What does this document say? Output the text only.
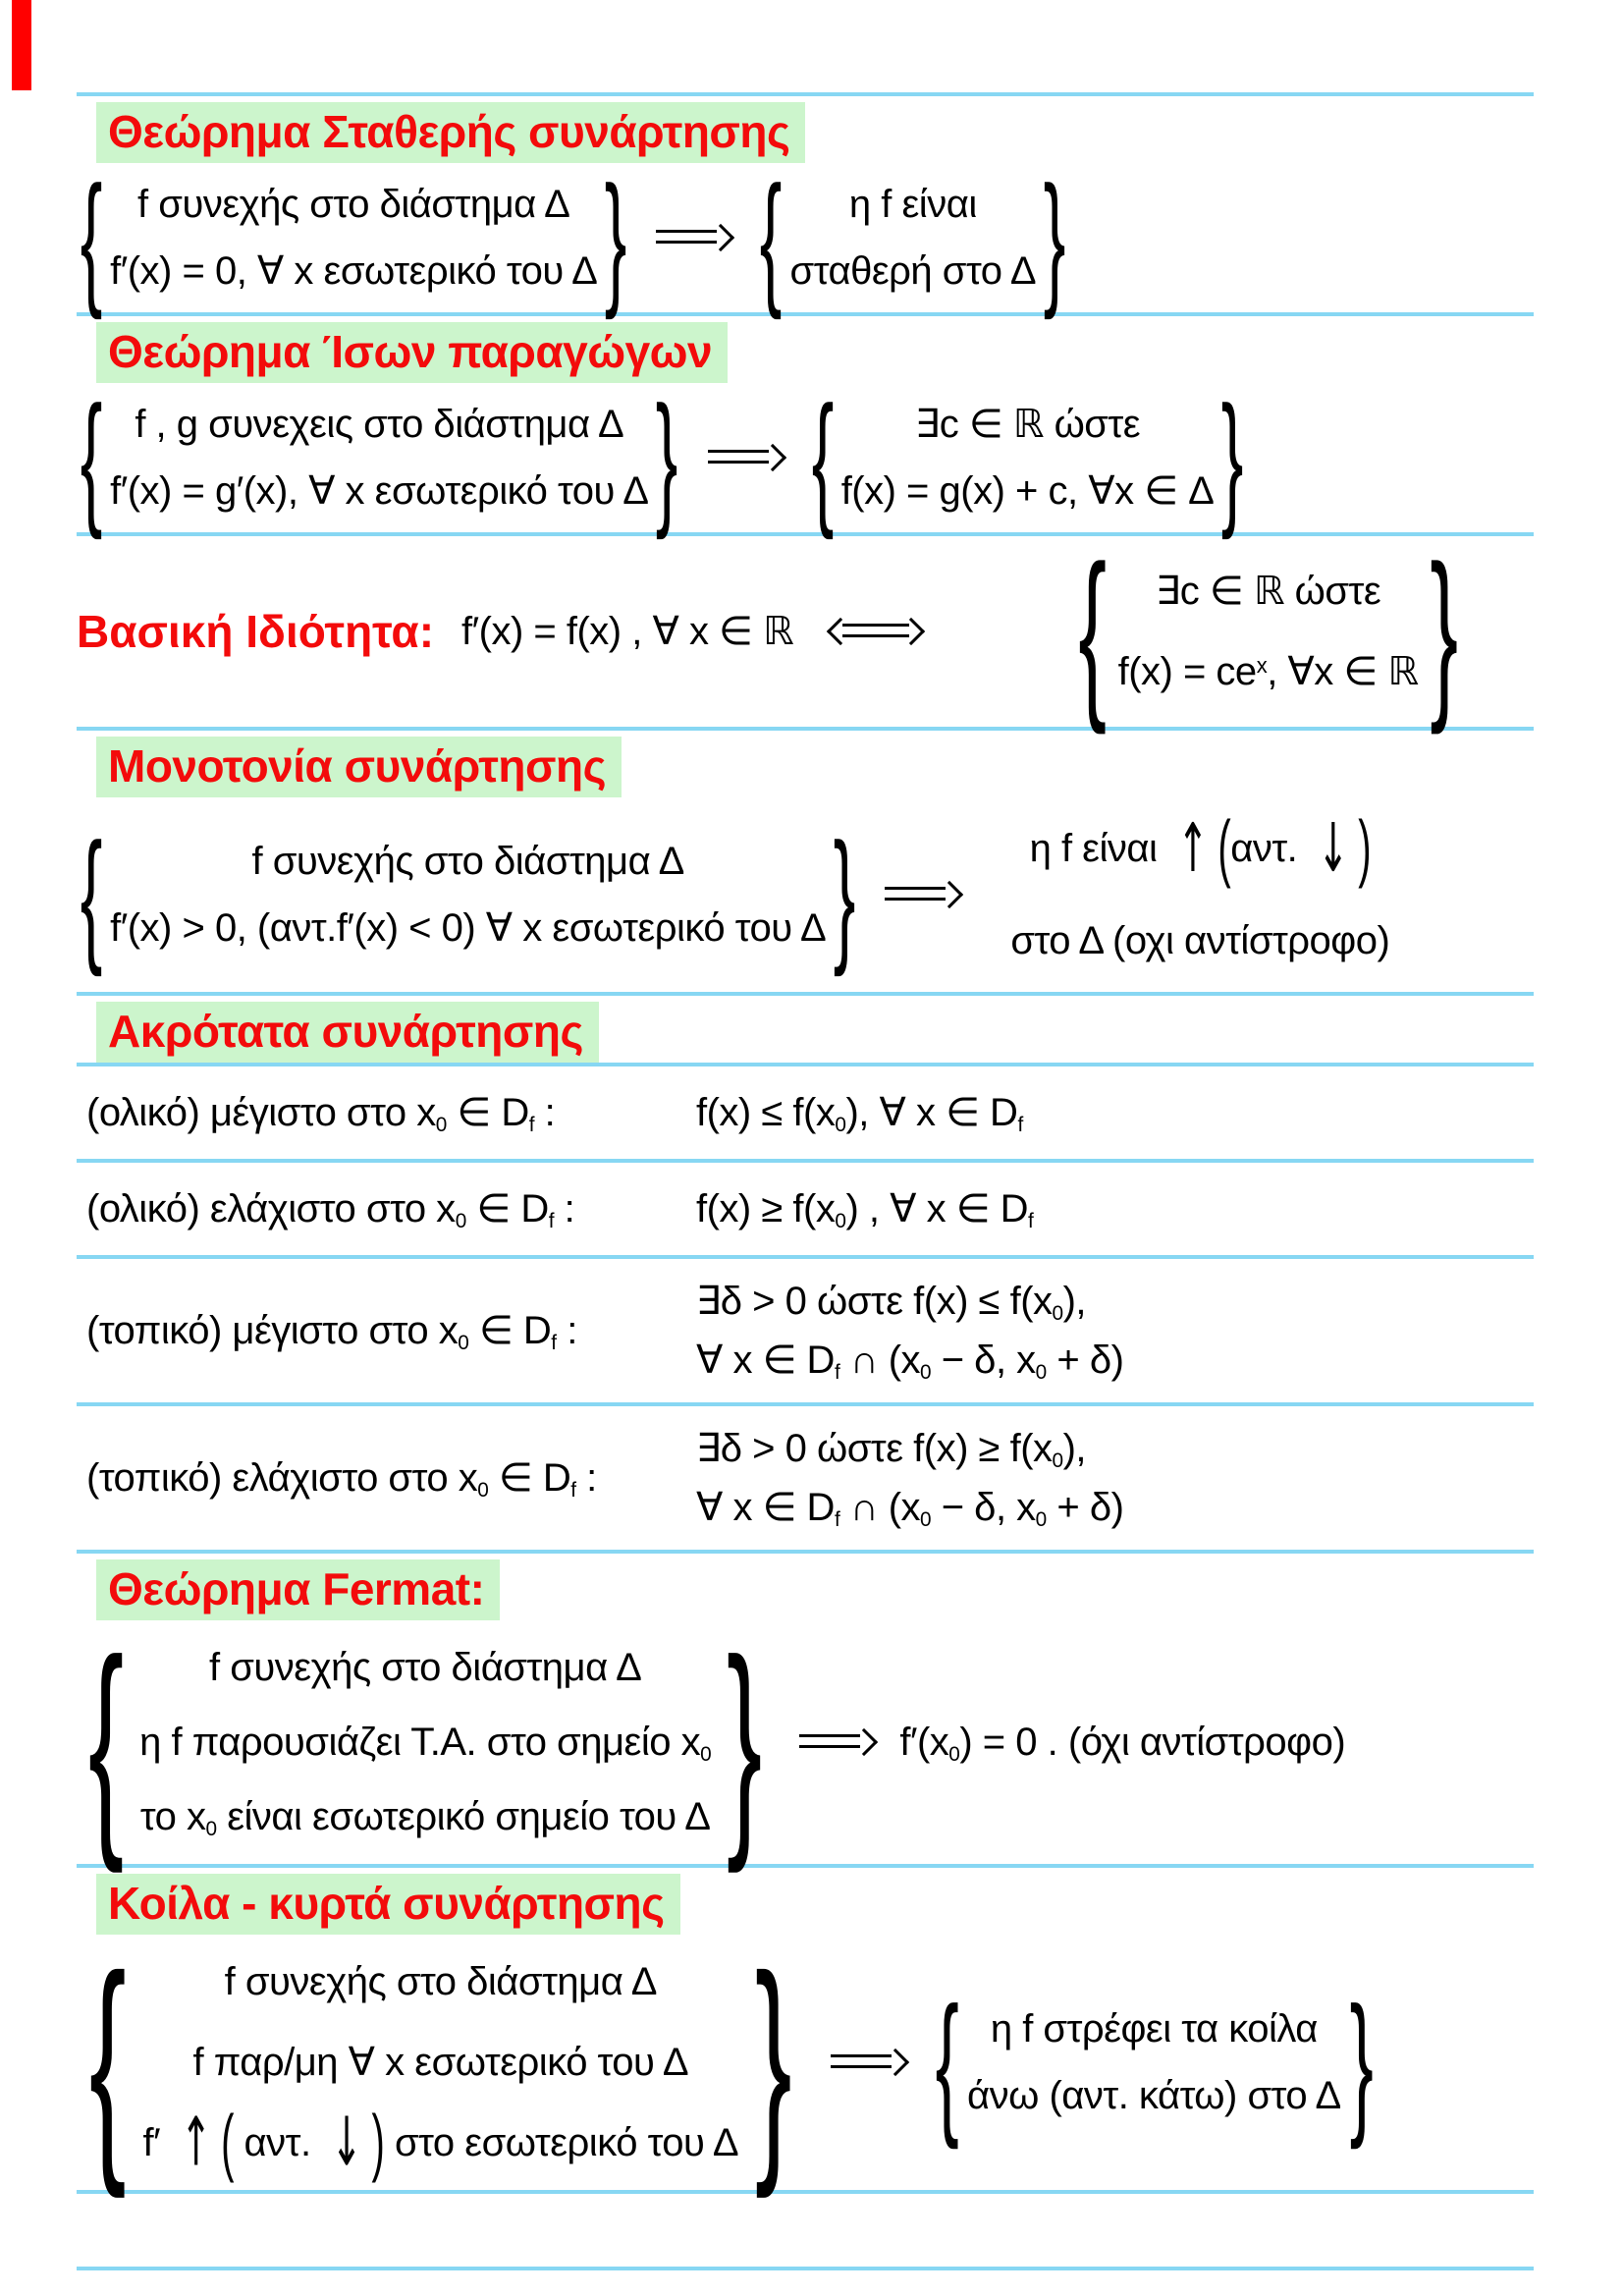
Θεώρημα Σταθερής συνάρτησης
{
f συνεχής στο διάστημα Δ
f′(x) = 0, ∀ x εσωτερικό του Δ
}
{
η f είναι
σταθερή στο Δ
}
Θεώρημα Ίσων παραγώγων
{
f , g συνεχεις στο διάστημα Δ
f′(x) = g′(x), ∀ x εσωτερικό του Δ
}
{
∃c ∈ ℝ ώστε
f(x) = g(x) + c, ∀x ∈ Δ
}
Βασική Ιδιότητα: f′(x) = f(x) , ∀ x ∈ ℝ
{
∃c ∈ ℝ ώστε
$f(x) = ce^x$, ∀x ∈ ℝ
}
Μονοτονία συνάρτησης
{
f συνεχής στο διάστημα Δ
f′(x) > 0, (αντ.f′(x) < 0) ∀ x εσωτερικό του Δ
}
η f είναι ↑ (αντ. ↓ )
στο Δ (οχι αντίστροφο)
Ακρότατα συνάρτησης
(ολικό) μέγιστο στο $x_0$ ∈ $D_f$ :	$f(x) \le f(x_0)$, ∀ x ∈ $D_f$
(ολικό) ελάχιστο στο $x_0$ ∈ $D_f$ :	$f(x) \ge f(x_0)$ , ∀ x ∈ $D_f$
(τοπικό) μέγιστο στο $x_0$ ∈ $D_f$ :
∃δ > 0 ώστε $f(x) \le f(x_0)$,
∀ x ∈ $D_f$ ∩ ($x_0 - \delta$, $x_0 + \delta$)
(τοπικό) ελάχιστο στο $x_0$ ∈ $D_f$ :
∃δ > 0 ώστε $f(x) \ge f(x_0)$,
∀ x ∈ $D_f$ ∩ ($x_0 - \delta$, $x_0 + \delta$)
Θεώρημα Fermat:
{
f συνεχής στο διάστημα Δ
η f παρουσιάζει Τ.Α. στο σημείο $x_0$
το $x_0$ είναι εσωτερικό σημείο του Δ
}
$f'(x_0) = 0$ . (όχι αντίστροφο)
Κοίλα - κυρτά συνάρτησης
{
f συνεχής στο διάστημα Δ
f παρ/μη ∀ x εσωτερικό του Δ
f′ ↑ ( αντ. ↓ ) στο εσωτερικό του Δ
}
{
η f στρέφει τα κοίλα
άνω (αντ. κάτω) στο Δ
}
